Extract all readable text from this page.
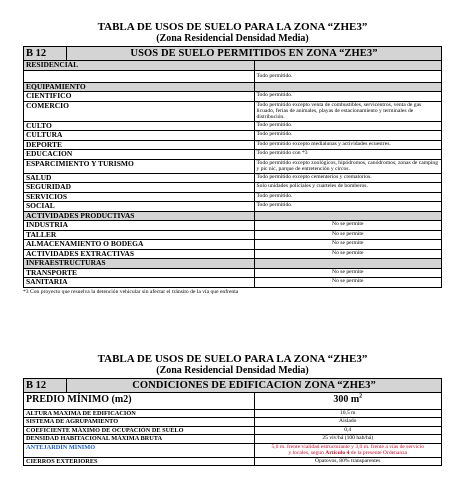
TABLA DE USOS DE SUELO PARA LA ZONA “ZHE3”
(Zona Residencial Densidad Media)
B 12	USOS DE SUELO PERMITIDOS EN ZONA “ZHE3”	
RESIDENCIAL		
		Todo permitido.
EQUIPAMIENTO		
CIENTIFICO		Todo permitido.
COMERCIO		Todo permitido excepto venta de combustibles, servicentros, venta de gas licuado, ferias de animales, playas de estacionamiento y terminales de distribución.
CULTO		Todo permitido.
CULTURA		Todo permitido.
DEPORTE		Todo permitido excepto medialunas y actividades ecuestres.
EDUCACION		Todo permitido con *3
ESPARCIMIENTO Y TURISMO		Todo permitido excepto zoológicos, hipódromos, canódromos, zonas de camping y pic nic, parque de entretención y circos.
SALUD		Todo permitido excepto cementerios y crematorios.
SEGURIDAD		Solo unidades policiales y cuarteles de bomberos.
SERVICIOS		Todo permitido.
SOCIAL		Todo permitido.
ACTIVIDADES PRODUCTIVAS		
INDUSTRIA		No se permite
TALLER		No se permite
ALMACENAMIENTO O BODEGA		No se permite
ACTIVIDADES EXTRACTIVAS		No se permite
INFRAESTRUCTURAS		
TRANSPORTE		No se permite
SANITARIA		No se permite
*3 Con proyecto que resuelva la detención vehicular sin afectar el tránsito de la vía que enfrenta
TABLA DE USOS DE SUELO PARA LA ZONA “ZHE3”
(Zona Residencial Densidad Media)
B 12	CONDICIONES DE EDIFICACION ZONA “ZHE3”	
PREDIO MÍNIMO (m2)		300 $m^2$
ALTURA MAXIMA DE EDIFICACIÓN		10,5 m
SISTEMA DE AGRUPAMIENTO		Aislado
COEFICIENTE MÁXIMO DE OCUPACIÓN DE SUELO		0,4
DENSIDAD HABITACIONAL MÁXIMA BRUTA		25 viv/há (100 hab/há)
ANTEJARDÍN MÍNIMO		5,0 m. frente vialidad estructurante y 3,0 m. frente a vías de servicio
y locales, según Artículo 4 de la presente Ordenanza

CIERROS EXTERIORES		Opatovos, 80% transparentes
